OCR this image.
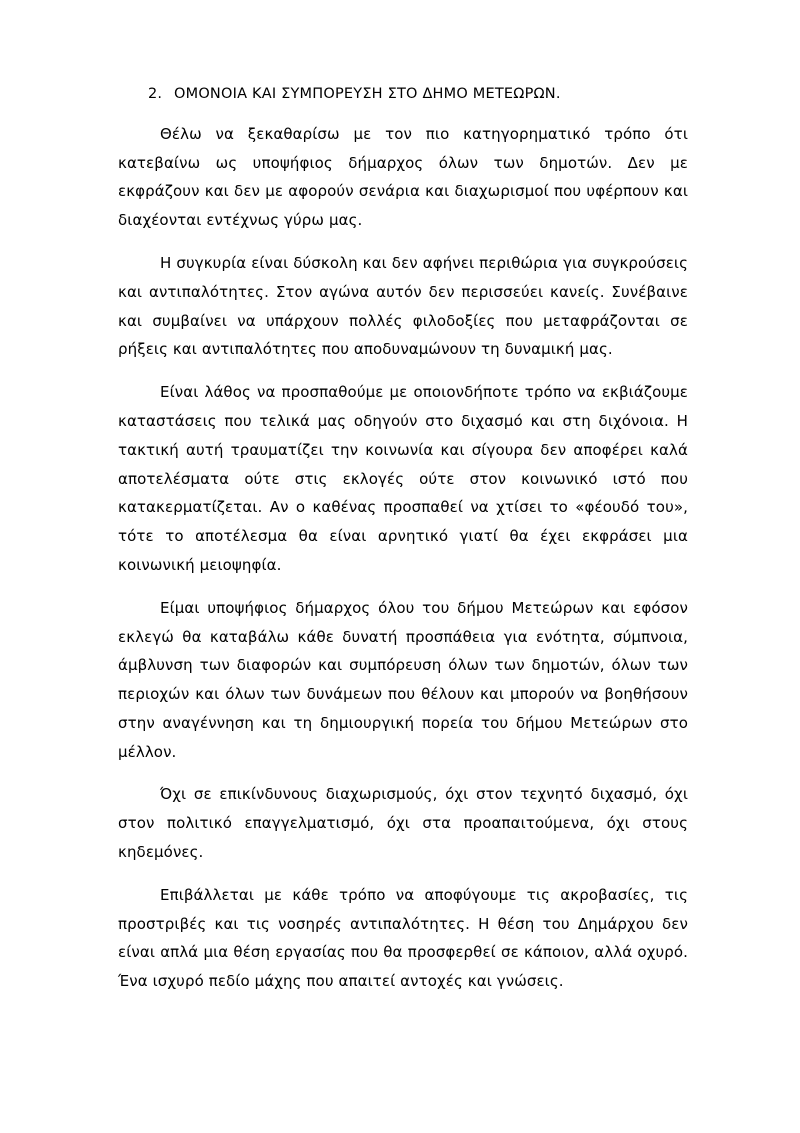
2. ΟΜΟΝΟΙΑ ΚΑΙ ΣΥΜΠΟΡΕΥΣΗ ΣΤΟ ΔΗΜΟ ΜΕΤΕΩΡΩΝ.

Θέλω να ξεκαθαρίσω με τον πιο κατηγορηματικό τρόπο ότι κατεβαίνω ως υποψήφιος δήμαρχος όλων των δημοτών. Δεν με εκφράζουν και δεν με αφορούν σενάρια και διαχωρισμοί που υφέρπουν και διαχέονται εντέχνως γύρω μας.

Η συγκυρία είναι δύσκολη και δεν αφήνει περιθώρια για συγκρούσεις και αντιπαλότητες. Στον αγώνα αυτόν δεν περισσεύει κανείς. Συνέβαινε και συμβαίνει να υπάρχουν πολλές φιλοδοξίες που μεταφράζονται σε ρήξεις και αντιπαλότητες που αποδυναμώνουν τη δυναμική μας.

Είναι λάθος να προσπαθούμε με οποιονδήποτε τρόπο να εκβιάζουμε καταστάσεις που τελικά μας οδηγούν στο διχασμό και στη διχόνοια. Η τακτική αυτή τραυματίζει την κοινωνία και σίγουρα δεν αποφέρει καλά αποτελέσματα ούτε στις εκλογές ούτε στον κοινωνικό ιστό που κατακερματίζεται. Αν ο καθένας προσπαθεί να χτίσει το «φέουδό του», τότε το αποτέλεσμα θα είναι αρνητικό γιατί θα έχει εκφράσει μια κοινωνική μειοψηφία.

Είμαι υποψήφιος δήμαρχος όλου του δήμου Μετεώρων και εφόσον εκλεγώ θα καταβάλω κάθε δυνατή προσπάθεια για ενότητα, σύμπνοια, άμβλυνση των διαφορών και συμπόρευση όλων των δημοτών, όλων των περιοχών και όλων των δυνάμεων που θέλουν και μπορούν να βοηθήσουν στην αναγέννηση και τη δημιουργική πορεία του δήμου Μετεώρων στο μέλλον.

Όχι σε επικίνδυνους διαχωρισμούς, όχι στον τεχνητό διχασμό, όχι στον πολιτικό επαγγελματισμό, όχι στα προαπαιτούμενα, όχι στους κηδεμόνες.

Επιβάλλεται με κάθε τρόπο να αποφύγουμε τις ακροβασίες, τις προστριβές και τις νοσηρές αντιπαλότητες. Η θέση του Δημάρχου δεν είναι απλά μια θέση εργασίας που θα προσφερθεί σε κάποιον, αλλά οχυρό. Ένα ισχυρό πεδίο μάχης που απαιτεί αντοχές και γνώσεις.
